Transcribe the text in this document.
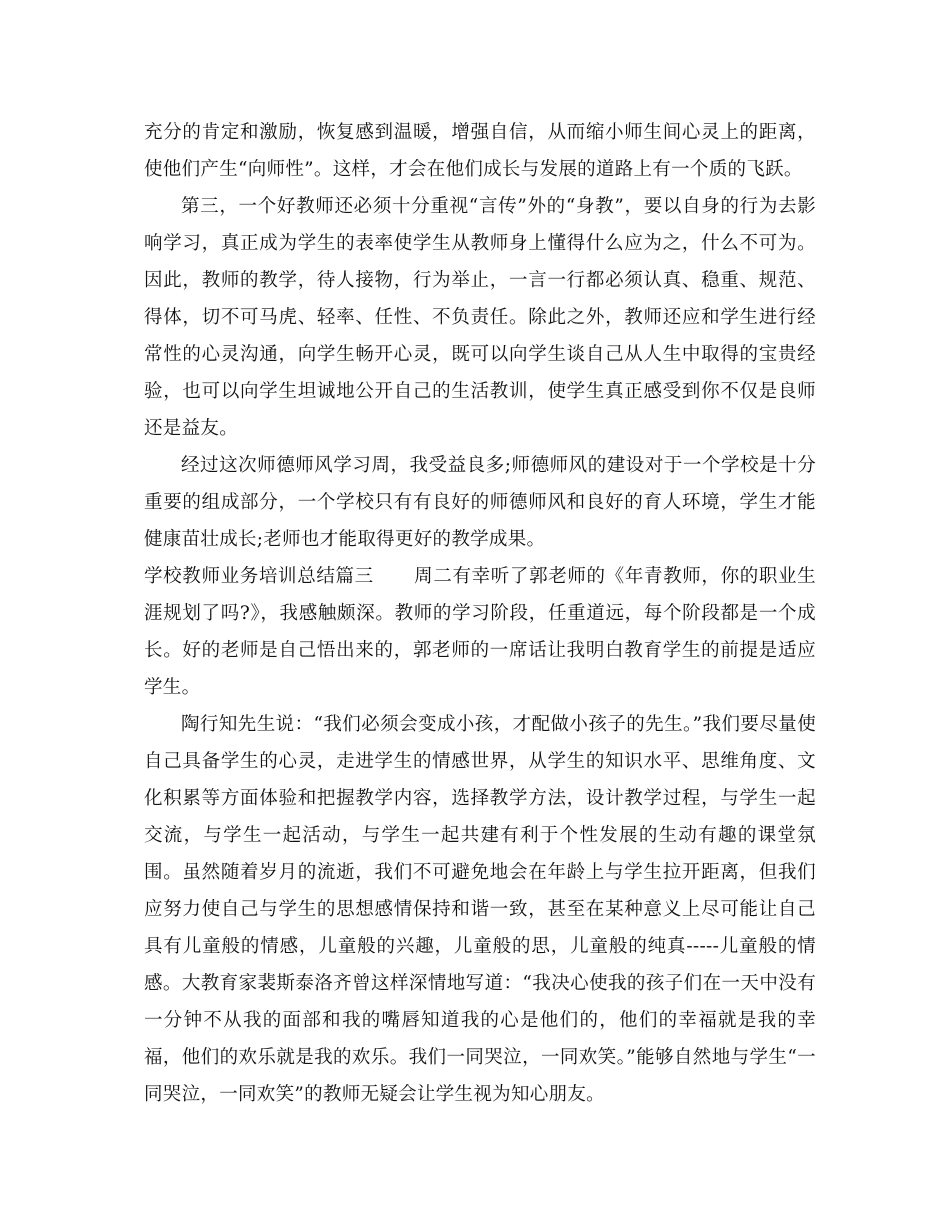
充分的肯定和激励，恢复感到温暖，增强自信，从而缩小师生间心灵上的距离，使他们产生“向师性”。这样，才会在他们成长与发展的道路上有一个质的飞跃。

第三，一个好教师还必须十分重视“言传”外的“身教”，要以自身的行为去影响学习，真正成为学生的表率使学生从教师身上懂得什么应为之，什么不可为。因此，教师的教学，待人接物，行为举止，一言一行都必须认真、稳重、规范、得体，切不可马虎、轻率、任性、不负责任。除此之外，教师还应和学生进行经常性的心灵沟通，向学生畅开心灵，既可以向学生谈自己从人生中取得的宝贵经验，也可以向学生坦诚地公开自己的生活教训，使学生真正感受到你不仅是良师还是益友。

经过这次师德师风学习周，我受益良多;师德师风的建设对于一个学校是十分重要的组成部分，一个学校只有有良好的师德师风和良好的育人环境，学生才能健康苗壮成长;老师也才能取得更好的教学成果。

学校教师业务培训总结篇三 周二有幸听了郭老师的《年青教师，你的职业生涯规划了吗?》，我感触颇深。教师的学习阶段，任重道远，每个阶段都是一个成长。好的老师是自己悟出来的，郭老师的一席话让我明白教育学生的前提是适应学生。

陶行知先生说：“我们必须会变成小孩，才配做小孩子的先生。”我们要尽量使自己具备学生的心灵，走进学生的情感世界，从学生的知识水平、思维角度、文化积累等方面体验和把握教学内容，选择教学方法，设计教学过程，与学生一起交流，与学生一起活动，与学生一起共建有利于个性发展的生动有趣的课堂氛围。虽然随着岁月的流逝，我们不可避免地会在年龄上与学生拉开距离，但我们应努力使自己与学生的思想感情保持和谐一致，甚至在某种意义上尽可能让自己具有儿童般的情感，儿童般的兴趣，儿童般的思，儿童般的纯真-----儿童般的情感。大教育家裴斯泰洛齐曾这样深情地写道：“我决心使我的孩子们在一天中没有一分钟不从我的面部和我的嘴唇知道我的心是他们的，他们的幸福就是我的幸福，他们的欢乐就是我的欢乐。我们一同哭泣，一同欢笑。”能够自然地与学生“一同哭泣，一同欢笑”的教师无疑会让学生视为知心朋友。
